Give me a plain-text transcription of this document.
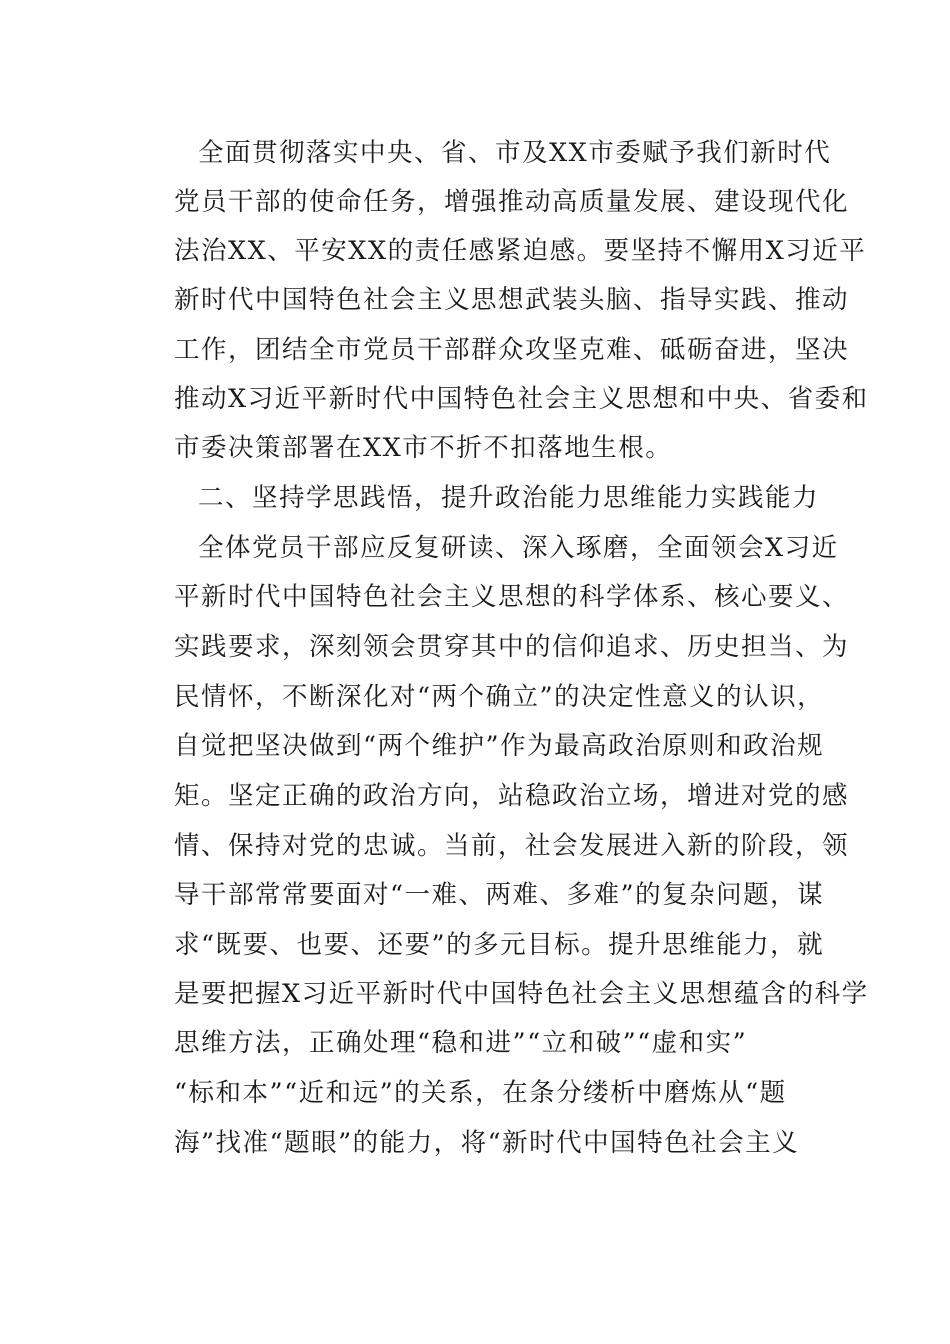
全面贯彻落实中央、省、市及XX市委赋予我们新时代
党员干部的使命任务，增强推动高质量发展、建设现代化
法治XX、平安XX的责任感紧迫感。要坚持不懈用X习近平
新时代中国特色社会主义思想武装头脑、指导实践、推动
工作，团结全市党员干部群众攻坚克难、砥砺奋进，坚决
推动X习近平新时代中国特色社会主义思想和中央、省委和
市委决策部署在XX市不折不扣落地生根。
二、坚持学思践悟，提升政治能力思维能力实践能力
全体党员干部应反复研读、深入琢磨，全面领会X习近
平新时代中国特色社会主义思想的科学体系、核心要义、
实践要求，深刻领会贯穿其中的信仰追求、历史担当、为
民情怀，不断深化对“两个确立”的决定性意义的认识，
自觉把坚决做到“两个维护”作为最高政治原则和政治规
矩。坚定正确的政治方向，站稳政治立场，增进对党的感
情、保持对党的忠诚。当前，社会发展进入新的阶段，领
导干部常常要面对“一难、两难、多难”的复杂问题，谋
求“既要、也要、还要”的多元目标。提升思维能力，就
是要把握X习近平新时代中国特色社会主义思想蕴含的科学
思维方法，正确处理“稳和进”“立和破”“虚和实”
“标和本”“近和远”的关系，在条分缕析中磨炼从“题
海”找准“题眼”的能力，将“新时代中国特色社会主义
